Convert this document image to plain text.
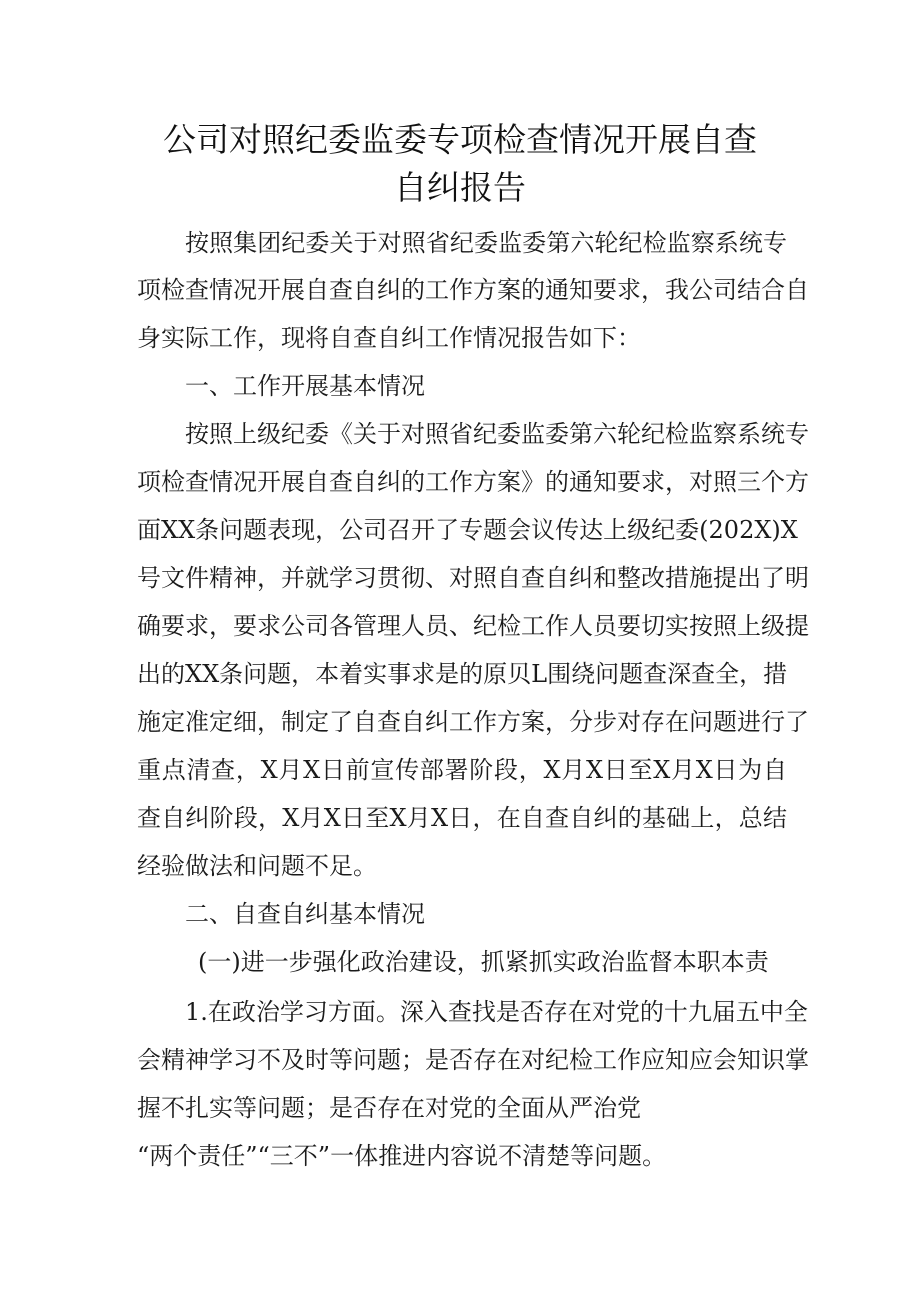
公司对照纪委监委专项检查情况开展自查
自纠报告
按照集团纪委关于对照省纪委监委第六轮纪检监察系统专
项检查情况开展自查自纠的工作方案的通知要求，我公司结合自
身实际工作，现将自查自纠工作情况报告如下：
一、工作开展基本情况
按照上级纪委《关于对照省纪委监委第六轮纪检监察系统专
项检查情况开展自查自纠的工作方案》的通知要求，对照三个方
面XX条问题表现，公司召开了专题会议传达上级纪委(202X)X
号文件精神，并就学习贯彻、对照自查自纠和整改措施提出了明
确要求，要求公司各管理人员、纪检工作人员要切实按照上级提
出的XX条问题，本着实事求是的原贝L围绕问题查深查全，措
施定准定细，制定了自查自纠工作方案，分步对存在问题进行了
重点清查，X月X日前宣传部署阶段，X月X日至X月X日为自
查自纠阶段，X月X日至X月X日，在自查自纠的基础上，总结
经验做法和问题不足。
二、自查自纠基本情况
(一)进一步强化政治建设，抓紧抓实政治监督本职本责
1.在政治学习方面。深入查找是否存在对党的十九届五中全
会精神学习不及时等问题；是否存在对纪检工作应知应会知识掌
握不扎实等问题；是否存在对党的全面从严治党
“两个责任”“三不”一体推进内容说不清楚等问题。
